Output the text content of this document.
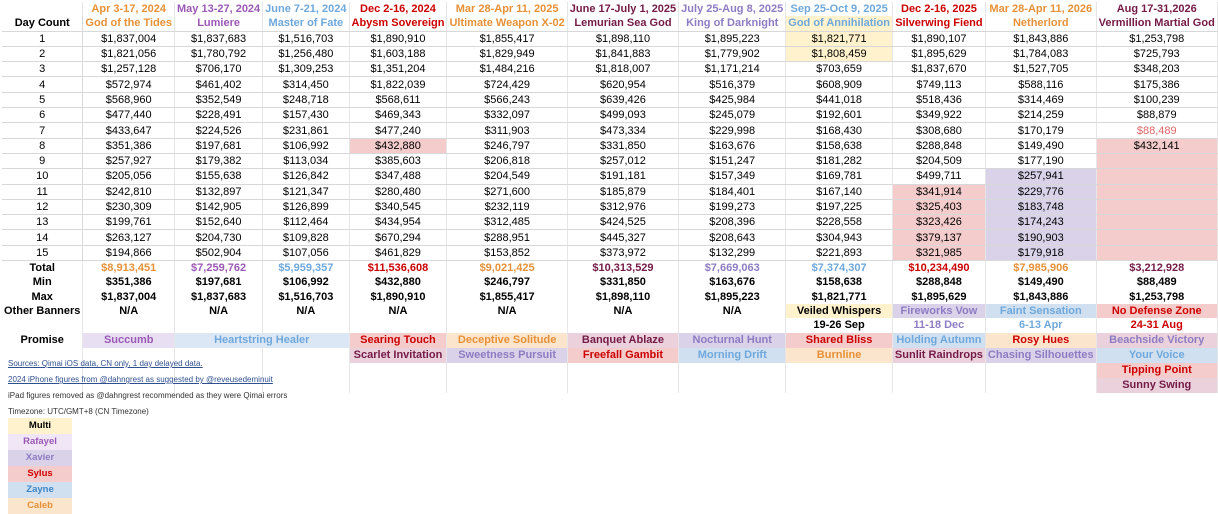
	Apr 3-17, 2024	May 13-27, 2024	June 7-21, 2024	Dec 2-16, 2024	Mar 28-Apr 11, 2025	June 17-July 1, 2025	July 25-Aug 8, 2025	Sep 25-Oct 9, 2025	Dec 2-16, 2025	Mar 28-Apr 11, 2026	Aug 17-31,2026
Day Count	God of the Tides	Lumiere	Master of Fate	Abysm Sovereign	Ultimate Weapon X-02	Lemurian Sea God	King of Darknight	God of Annihilation	Silverwing Fiend	Netherlord	Vermillion Martial God
1	$1,837,004	$1,837,683	$1,516,703	$1,890,910	$1,855,417	$1,898,110	$1,895,223	$1,821,771	$1,890,107	$1,843,886	$1,253,798
2	$1,821,056	$1,780,792	$1,256,480	$1,603,188	$1,829,949	$1,841,883	$1,779,902	$1,808,459	$1,895,629	$1,784,083	$725,793
3	$1,257,128	$706,170	$1,309,253	$1,351,204	$1,484,216	$1,818,007	$1,171,214	$703,659	$1,837,670	$1,527,705	$348,203
4	$572,974	$461,402	$314,450	$1,822,039	$724,429	$620,954	$516,379	$608,909	$749,113	$588,116	$175,386
5	$568,960	$352,549	$248,718	$568,611	$566,243	$639,426	$425,984	$441,018	$518,436	$314,469	$100,239
6	$477,440	$228,491	$157,430	$469,343	$332,097	$499,093	$245,079	$192,601	$349,922	$214,259	$88,879
7	$433,647	$224,526	$231,861	$477,240	$311,903	$473,334	$229,998	$168,430	$308,680	$170,179	$88,489
8	$351,386	$197,681	$106,992	$432,880	$246,797	$331,850	$163,676	$158,638	$288,848	$149,490	$432,141
9	$257,927	$179,382	$113,034	$385,603	$206,818	$257,012	$151,247	$181,282	$204,509	$177,190	
10	$205,056	$155,638	$126,842	$347,488	$204,549	$191,181	$157,349	$169,781	$499,711	$257,941	
11	$242,810	$132,897	$121,347	$280,480	$271,600	$185,879	$184,401	$167,140	$341,914	$229,776	
12	$230,309	$142,905	$126,899	$340,545	$232,119	$312,976	$199,273	$197,225	$325,403	$183,748	
13	$199,761	$152,640	$112,464	$434,954	$312,485	$424,525	$208,396	$228,558	$323,426	$174,243	
14	$263,127	$204,730	$109,828	$670,294	$288,951	$445,327	$208,643	$304,943	$379,137	$190,903	
15	$194,866	$502,904	$107,056	$461,829	$153,852	$373,972	$132,299	$221,893	$321,985	$179,918	
Total	$8,913,451	$7,259,762	$5,959,357	$11,536,608	$9,021,425	$10,313,529	$7,669,063	$7,374,307	$10,234,490	$7,985,906	$3,212,928
Min	$351,386	$197,681	$106,992	$432,880	$246,797	$331,850	$163,676	$158,638	$288,848	$149,490	$88,489
Max	$1,837,004	$1,837,683	$1,516,703	$1,890,910	$1,855,417	$1,898,110	$1,895,223	$1,821,771	$1,895,629	$1,843,886	$1,253,798
Other Banners	N/A	N/A	N/A	N/A	N/A	N/A	N/A	Veiled Whispers	Fireworks Vow	Faint Sensation	No Defense Zone
								19-26 Sep	11-18 Dec	6-13 Apr	24-31 Aug
Promise	Succumb	Heartstring Healer		Searing Touch	Deceptive Solitude	Banquet Ablaze	Nocturnal Hunt	Shared Bliss	Holding Autumn	Rosy Hues	Beachside Victory
				Scarlet Invitation	Sweetness Pursuit	Freefall Gambit	Morning Drift	Burnline	Sunlit Raindrops	Chasing Silhouettes	Your Voice
											Tipping Point
											Sunny Swing
Sources: Qimai iOS data, CN only, 1 day delayed data.
2024 iPhone figures from @dahngrest as suggested by @reveusedeminuit
iPad figures removed as @dahngrest recommended as they were Qimai errors
Timezone: UTC/GMT+8 (CN Timezone)
Multi
Rafayel
Xavier
Sylus
Zayne
Caleb
